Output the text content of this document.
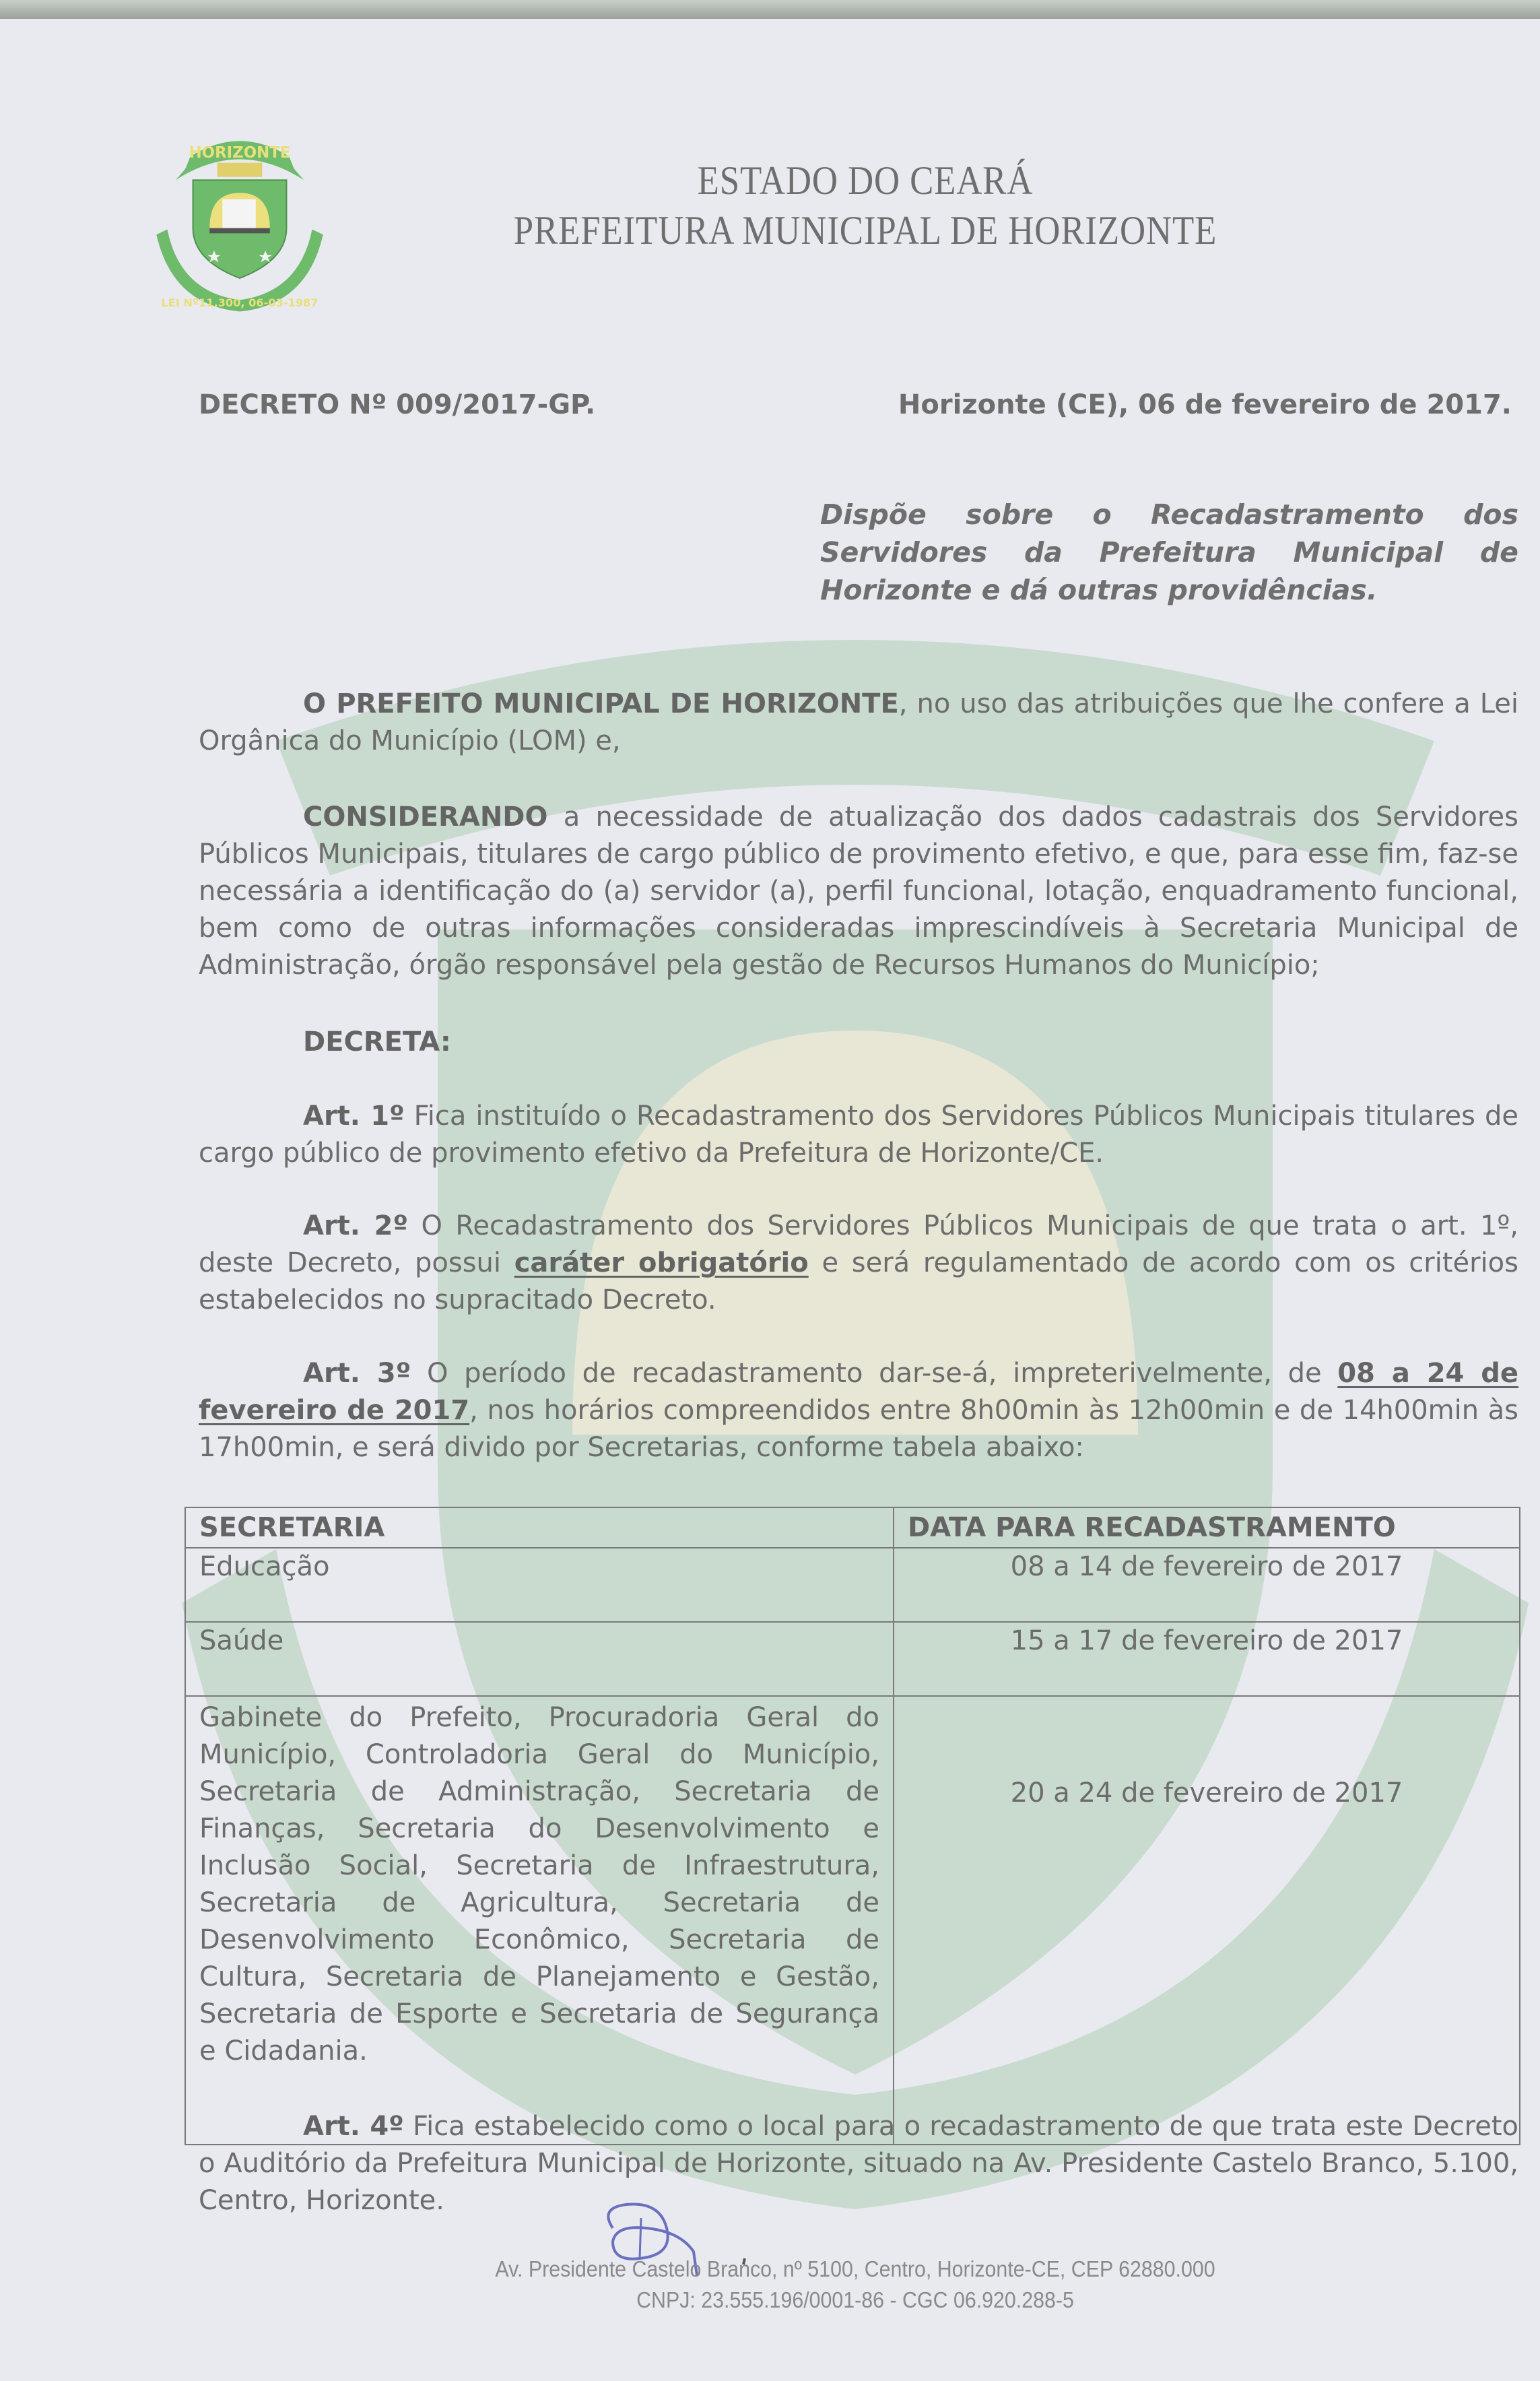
HORIZONTE
LEI Nº11.300, 06-03-1987
ESTADO DO CEARÁ
PREFEITURA MUNICIPAL DE HORIZONTE
DECRETO Nº 009/2017-GP.	Horizonte (CE), 06 de fevereiro de 2017.
Dispõe sobre o Recadastramento dos Servidores da Prefeitura Municipal de Horizonte e dá outras providências.

O PREFEITO MUNICIPAL DE HORIZONTE, no uso das atribuições que lhe confere a Lei Orgânica do Município (LOM) e,

CONSIDERANDO a necessidade de atualização dos dados cadastrais dos Servidores Públicos Municipais, titulares de cargo público de provimento efetivo, e que, para esse fim, faz-se necessária a identificação do (a) servidor (a), perfil funcional, lotação, enquadramento funcional, bem como de outras informações consideradas imprescindíveis à Secretaria Municipal de Administração, órgão responsável pela gestão de Recursos Humanos do Município;

DECRETA:

Art. 1º Fica instituído o Recadastramento dos Servidores Públicos Municipais titulares de cargo público de provimento efetivo da Prefeitura de Horizonte/CE.

Art. 2º O Recadastramento dos Servidores Públicos Municipais de que trata o art. 1º, deste Decreto, possui caráter obrigatório e será regulamentado de acordo com os critérios estabelecidos no supracitado Decreto.

Art. 3º O período de recadastramento dar-se-á, impreterivelmente, de 08 a 24 de fevereiro de 2017, nos horários compreendidos entre 8h00min às 12h00min e de 14h00min às 17h00min, e será divido por Secretarias, conforme tabela abaixo:

SECRETARIA	DATA PARA RECADASTRAMENTO
Educação	08 a 14 de fevereiro de 2017
Saúde	15 a 17 de fevereiro de 2017
Gabinete do Prefeito, Procuradoria Geral do Município, Controladoria Geral do Município, Secretaria de Administração, Secretaria de Finanças, Secretaria do Desenvolvimento e Inclusão Social, Secretaria de Infraestrutura, Secretaria de Agricultura, Secretaria de Desenvolvimento Econômico, Secretaria de Cultura, Secretaria de Planejamento e Gestão, Secretaria de Esporte e Secretaria de Segurança e Cidadania.	20 a 24 de fevereiro de 2017

Art. 4º Fica estabelecido como o local para o recadastramento de que trata este Decreto o Auditório da Prefeitura Municipal de Horizonte, situado na Av. Presidente Castelo Branco, 5.100, Centro, Horizonte.

Av. Presidente Castelo Branco, nº 5100, Centro, Horizonte-CE, CEP 62880.000
CNPJ: 23.555.196/0001-86 - CGC 06.920.288-5
